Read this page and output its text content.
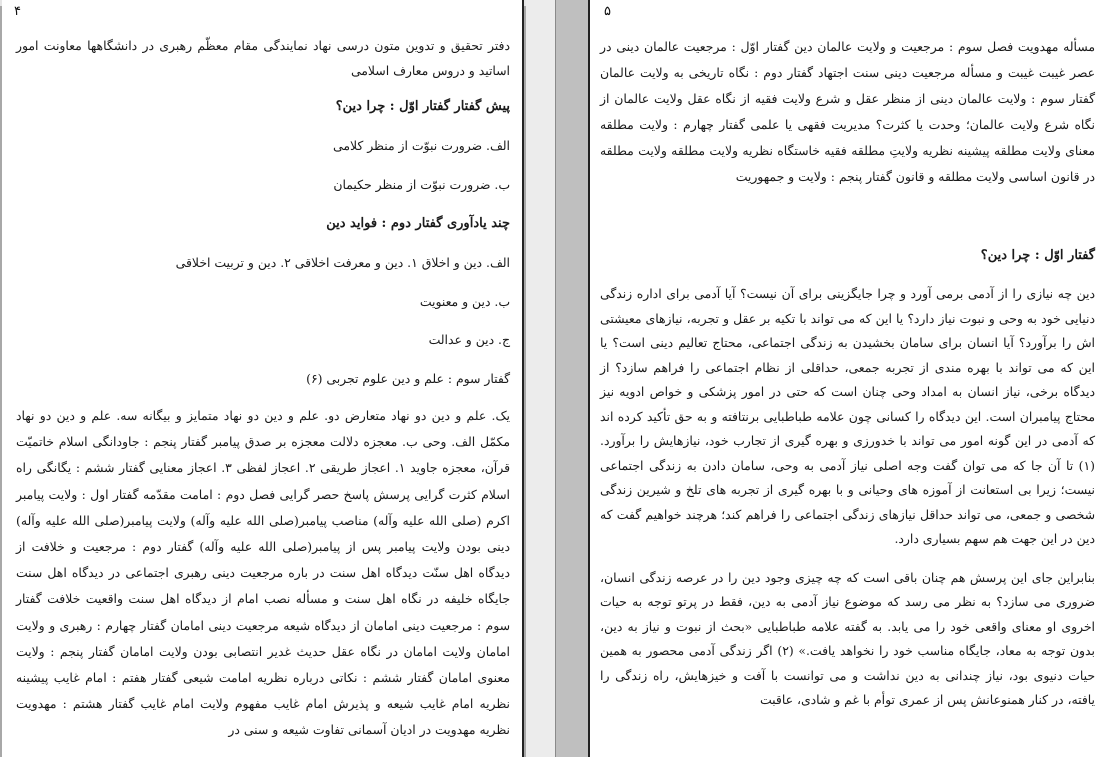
۴

دفتر تحقیق و تدوین متون درسی نهاد نمایندگی مقام معظّم رهبری در دانشگاهها معاونت امور اساتید و دروس معارف اسلامی

پیش گفتار گفتار اوّل : چرا دین؟

الف. ضرورت نبوّت از منظر کلامی

ب. ضرورت نبوّت از منظر حکیمان

چند یادآوری گفتار دوم : فواید دین

الف. دین و اخلاق ۱. دین و معرفت اخلاقی ۲. دین و تربیت اخلاقی

ب. دین و معنویت

ج. دین و عدالت

گفتار سوم : علم و دین علوم تجربی (۶)

یک. علم و دین دو نهاد متعارض دو. علم و دین دو نهاد متمایز و بیگانه سه. علم و دین دو نهاد مکمّل الف. وحی ب. معجزه دلالت معجزه بر صدق پیامبر گفتار پنجم : جاودانگی اسلام خاتمیّت قرآن، معجزه جاوید ۱. اعجاز طریقی ۲. اعجاز لفظی ۳. اعجاز معنایی گفتار ششم : یگانگی راه اسلام کثرت گرایی پرسش پاسخ حصر گرایی فصل دوم : امامت مقدّمه گفتار اول : ولایت پیامبر اکرم (صلی الله علیه وآله) مناصب پیامبر(صلی الله علیه وآله) ولایت پیامبر(صلی الله علیه وآله) دینی بودن ولایت پیامبر پس از پیامبر(صلی الله علیه وآله) گفتار دوم : مرجعیت و خلافت از دیدگاه اهل سنّت دیدگاه اهل سنت در باره مرجعیت دینی رهبری اجتماعی در دیدگاه اهل سنت جایگاه خلیفه در نگاه اهل سنت و مسأله نصب امام از دیدگاه اهل سنت واقعیت خلافت گفتار سوم : مرجعیت دینی امامان از دیدگاه شیعه مرجعیت دینی امامان گفتار چهارم : رهبری و ولایت امامان ولایت امامان در نگاه عقل حدیث غدیر انتصابی بودن ولایت امامان گفتار پنجم : ولایت معنوی امامان گفتار ششم : نکاتی درباره نظریه امامت شیعی گفتار هفتم : امام غایب پیشینه نظریه امام غایب شیعه و پذیرش امام غایب مفهوم ولایت امام غایب گفتار هشتم : مهدویت نظریه مهدویت در ادیان آسمانی تفاوت شیعه و سنی در

۵

مسأله مهدویت فصل سوم : مرجعیت و ولایت عالمان دین گفتار اوّل : مرجعیت عالمان دینی در عصر غیبت غیبت و مسأله مرجعیت دینی سنت اجتهاد گفتار دوم : نگاه تاریخی به ولایت عالمان گفتار سوم : ولایت عالمان دینی از منظر عقل و شرع ولایت فقیه از نگاه عقل ولایت عالمان از نگاه شرع ولایت عالمان؛ وحدت یا کثرت؟ مدیریت فقهی یا علمی گفتار چهارم : ولایت مطلقه معنای ولایت مطلقه پیشینه نظریه ولایتِ مطلقه فقیه خاستگاه نظریه ولایت مطلقه ولایت مطلقه در قانون اساسی ولایت مطلقه و قانون گفتار پنجم : ولایت و جمهوریت

گفتار اوّل : چرا دین؟

دین چه نیازی را از آدمی برمی آورد و چرا جایگزینی برای آن نیست؟ آیا آدمی برای اداره زندگی دنیایی خود به وحی و نبوت نیاز دارد؟ یا این که می تواند با تکیه بر عقل و تجربه، نیازهای معیشتی اش را برآورد؟ آیا انسان برای سامان بخشیدن به زندگی اجتماعی، محتاج تعالیم دینی است؟ یا این که می تواند با بهره مندی از تجربه جمعی، حداقلی از نظام اجتماعی را فراهم سازد؟ از دیدگاه برخی، نیاز انسان به امداد وحی چنان است که حتی در امور پزشکی و خواص ادویه نیز محتاج پیامبران است. این دیدگاه را کسانی چون علامه طباطبایی برنتافته و به حق تأکید کرده اند که آدمی در این گونه امور می تواند با خدورزی و بهره گیری از تجارب خود، نیازهایش را برآورد. (۱) تا آن جا که می توان گفت وجه اصلی نیاز آدمی به وحی، سامان دادن به زندگی اجتماعی نیست؛ زیرا بی استعانت از آموزه های وحیانی و با بهره گیری از تجربه های تلخ و شیرین زندگی شخصی و جمعی، می تواند حداقل نیازهای زندگی اجتماعی را فراهم کند؛ هرچند خواهیم گفت که دین در این جهت هم سهم بسیاری دارد.

بنابراین جای این پرسش هم چنان باقی است که چه چیزی وجود دین را در عرصه زندگی انسان، ضروری می سازد؟ به نظر می رسد که موضوع نیاز آدمی به دین، فقط در پرتو توجه به حیات اخروی او معنای واقعی خود را می یابد. به گفته علامه طباطبایی «بحث از نبوت و نیاز به دین، بدون توجه به معاد، جایگاه مناسب خود را نخواهد یافت.» (۲) اگر زندگی آدمی محصور به همین حیات دنیوی بود، نیاز چندانی به دین نداشت و می توانست با آفت و خیزهایش، راه زندگی را یافته، در کنار همنوعانش پس از عمری توأم با غم و شادی، عاقبت
